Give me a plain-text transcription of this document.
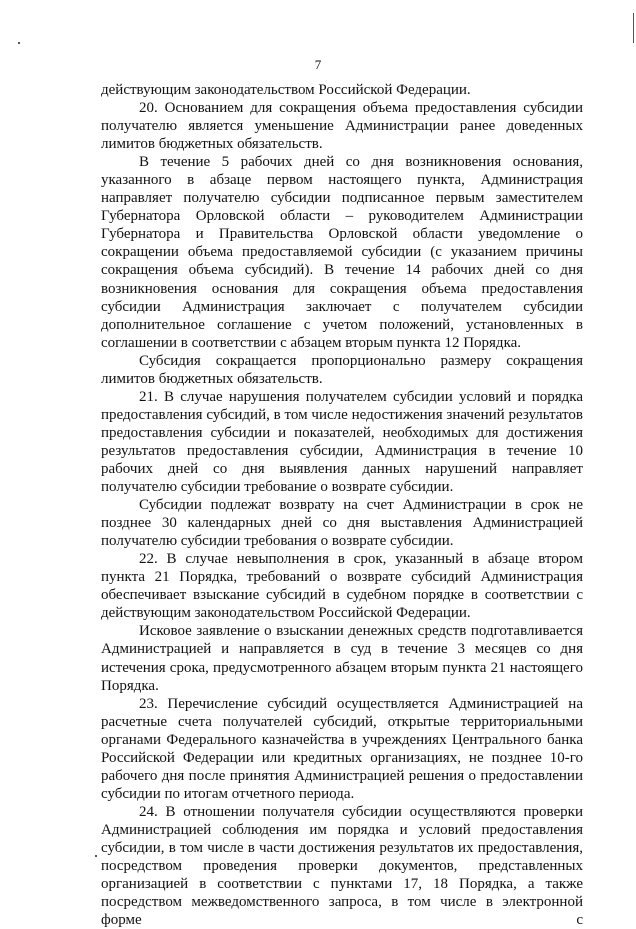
7

действующим законодательством Российской Федерации.

20. Основанием для сокращения объема предоставления субсидии получателю является уменьшение Администрации ранее доведенных лимитов бюджетных обязательств.

В течение 5 рабочих дней со дня возникновения основания, указанного в абзаце первом настоящего пункта, Администрация направляет получателю субсидии подписанное первым заместителем Губернатора Орловской области – руководителем Администрации Губернатора и Правительства Орловской области уведомление о сокращении объема предоставляемой субсидии (с указанием причины сокращения объема субсидий). В течение 14 рабочих дней со дня возникновения основания для сокращения объема предоставления субсидии Администрация заключает с получателем субсидии дополнительное соглашение с учетом положений, установленных в соглашении в соответствии с абзацем вторым пункта 12 Порядка.

Субсидия сокращается пропорционально размеру сокращения лимитов бюджетных обязательств.

21. В случае нарушения получателем субсидии условий и порядка предоставления субсидий, в том числе недостижения значений результатов предоставления субсидии и показателей, необходимых для достижения результатов предоставления субсидии, Администрация в течение 10 рабочих дней со дня выявления данных нарушений направляет получателю субсидии требование о возврате субсидии.

Субсидии подлежат возврату на счет Администрации в срок не позднее 30 календарных дней со дня выставления Администрацией получателю субсидии требования о возврате субсидии.

22. В случае невыполнения в срок, указанный в абзаце втором пункта 21 Порядка, требований о возврате субсидий Администрация обеспечивает взыскание субсидий в судебном порядке в соответствии с действующим законодательством Российской Федерации.

Исковое заявление о взыскании денежных средств подготавливается Администрацией и направляется в суд в течение 3 месяцев со дня истечения срока, предусмотренного абзацем вторым пункта 21 настоящего Порядка.

23. Перечисление субсидий осуществляется Администрацией на расчетные счета получателей субсидий, открытые территориальными органами Федерального казначейства в учреждениях Центрального банка Российской Федерации или кредитных организациях, не позднее 10-го рабочего дня после принятия Администрацией решения о предоставлении субсидии по итогам отчетного периода.

24. В отношении получателя субсидии осуществляются проверки Администрацией соблюдения им порядка и условий предоставления субсидии, в том числе в части достижения результатов их предоставления, посредством проведения проверки документов, представленных организацией в соответствии с пунктами 17, 18 Порядка, а также посредством межведомственного запроса, в том числе в электронной форме с
